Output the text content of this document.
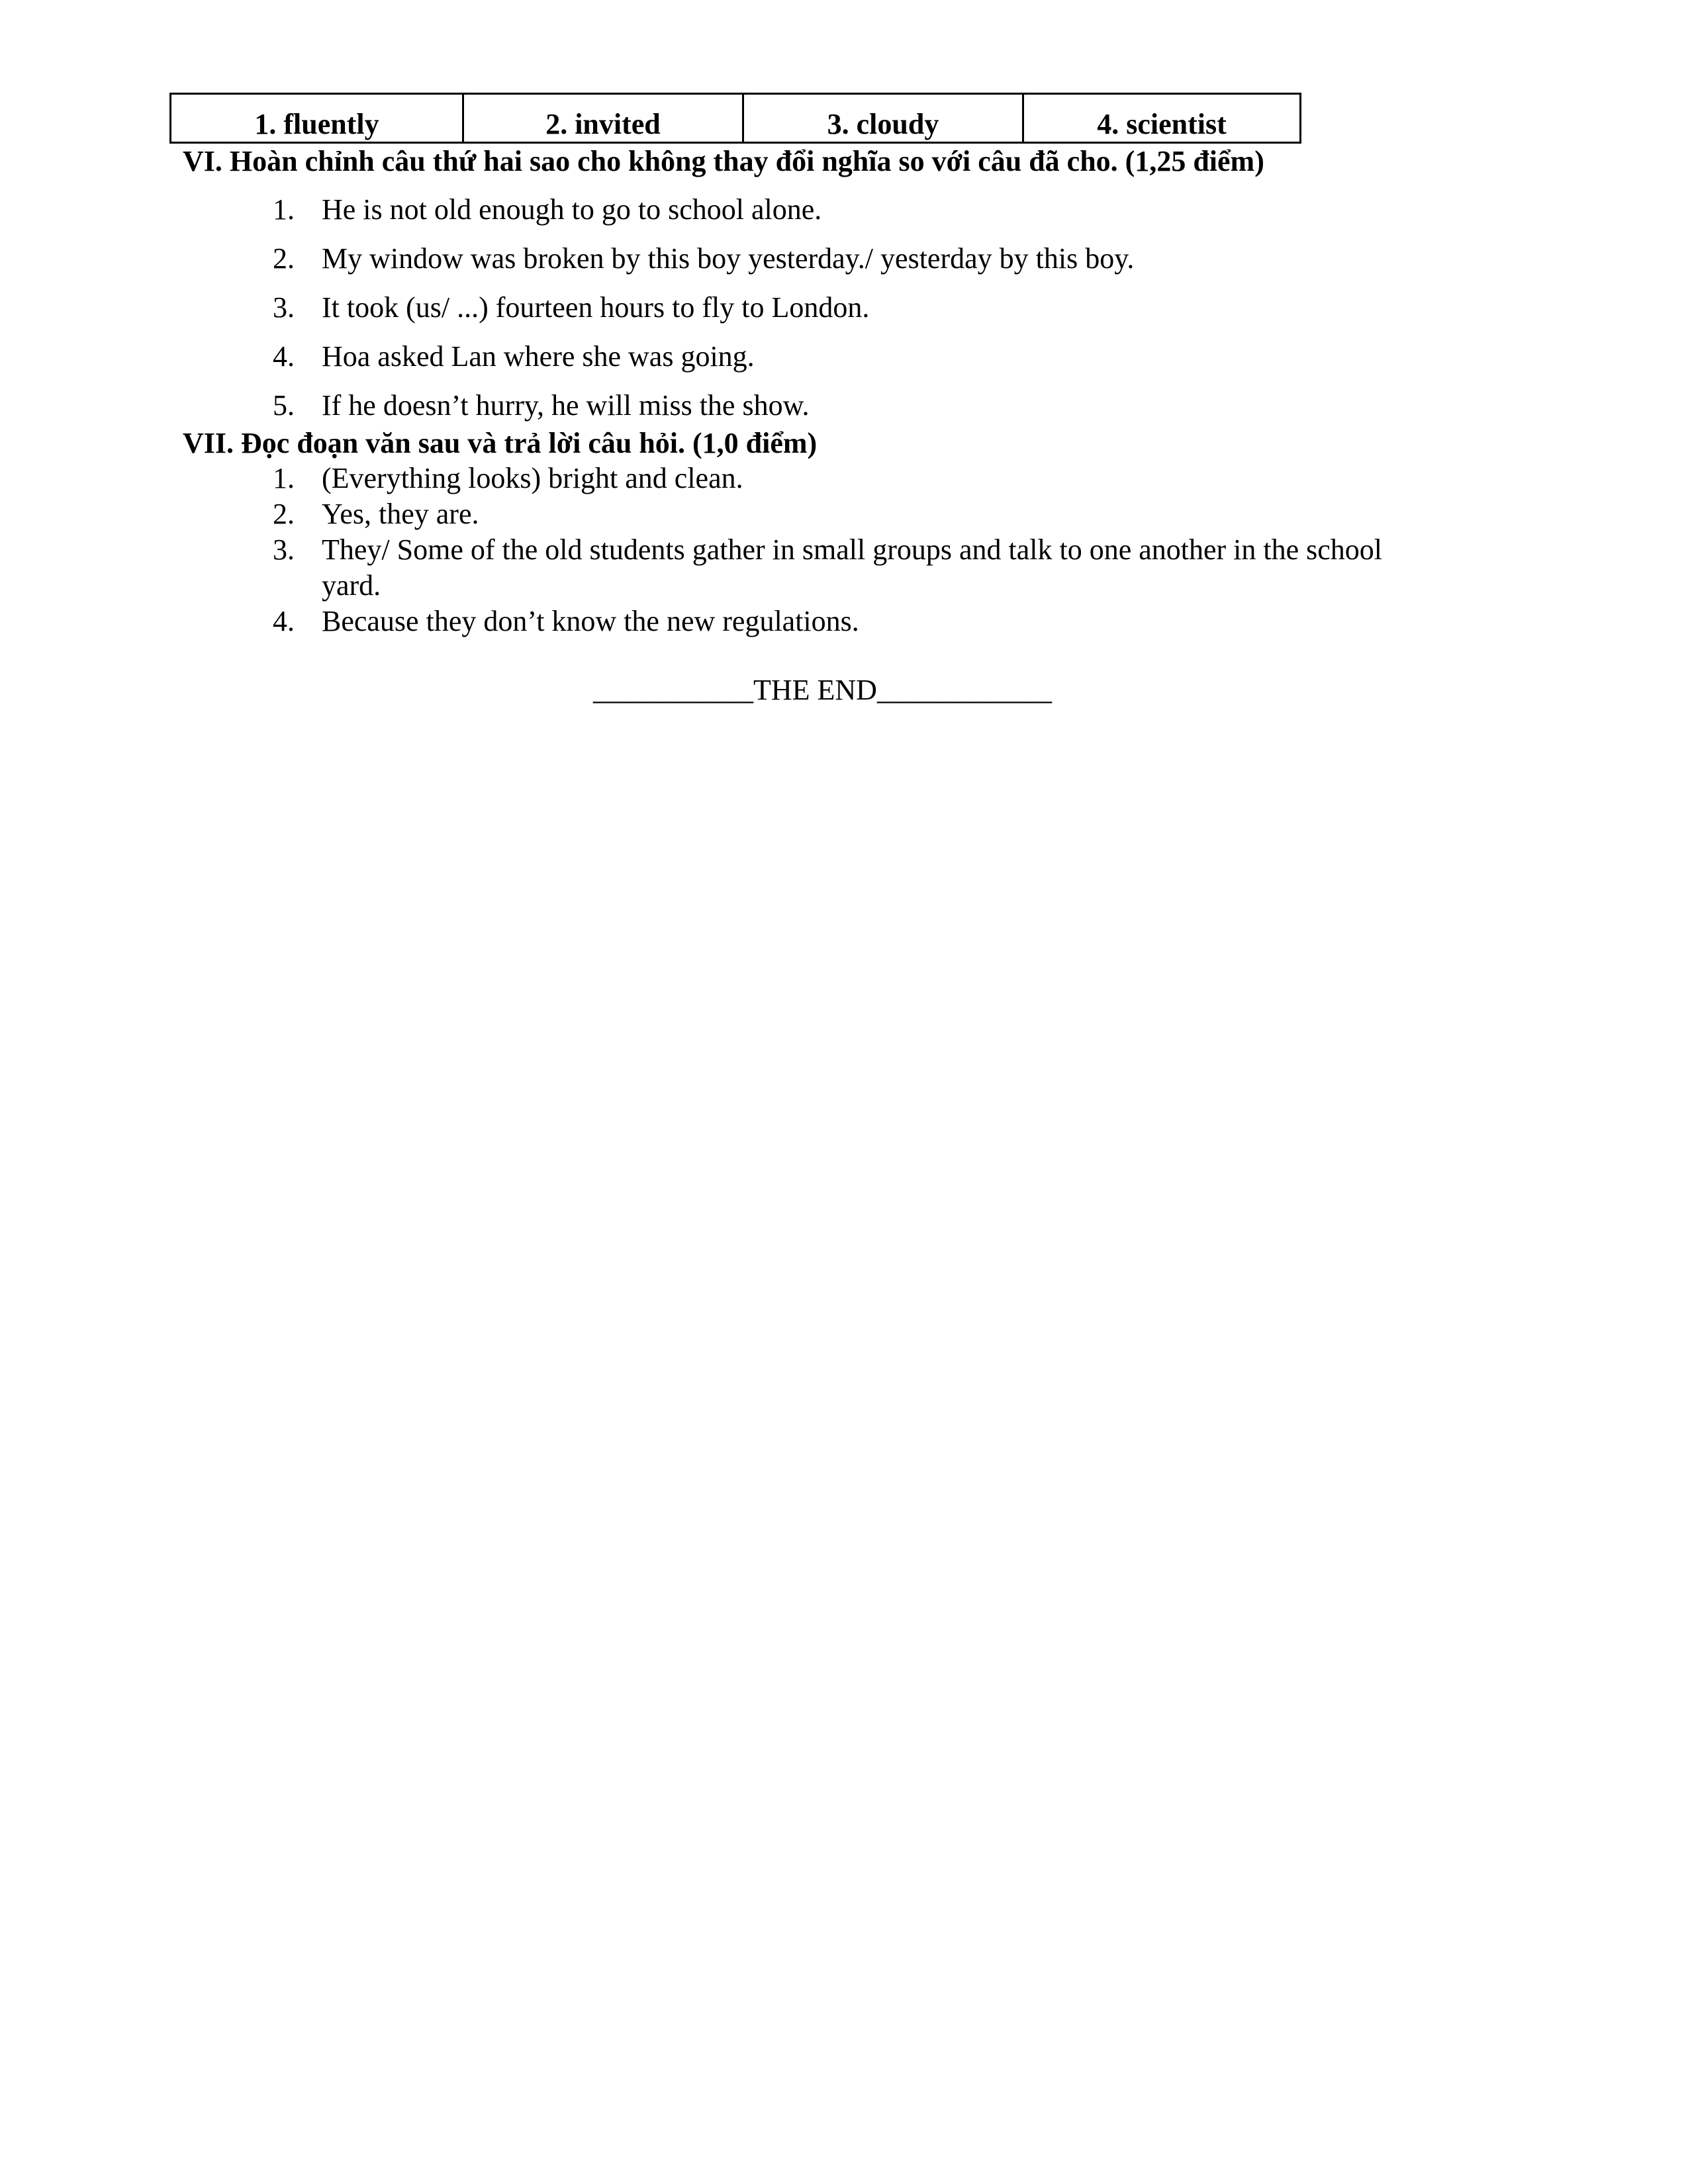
1. fluently	2. invited	3. cloudy	4. scientist
VI. Hoàn chỉnh câu thứ hai sao cho không thay đổi nghĩa so với câu đã cho. (1,25 điểm)
1. He is not old enough to go to school alone.
2. My window was broken by this boy yesterday./ yesterday by this boy.
3. It took (us/ ...) fourteen hours to fly to London.
4. Hoa asked Lan where she was going.
5. If he doesn’t hurry, he will miss the show.
VII. Đọc đoạn văn sau và trả lời câu hỏi. (1,0 điểm)
1. (Everything looks) bright and clean.
2. Yes, they are.
3. They/ Some of the old students gather in small groups and talk to one another in the school
yard.
4. Because they don’t know the new regulations.
___________THE END____________
